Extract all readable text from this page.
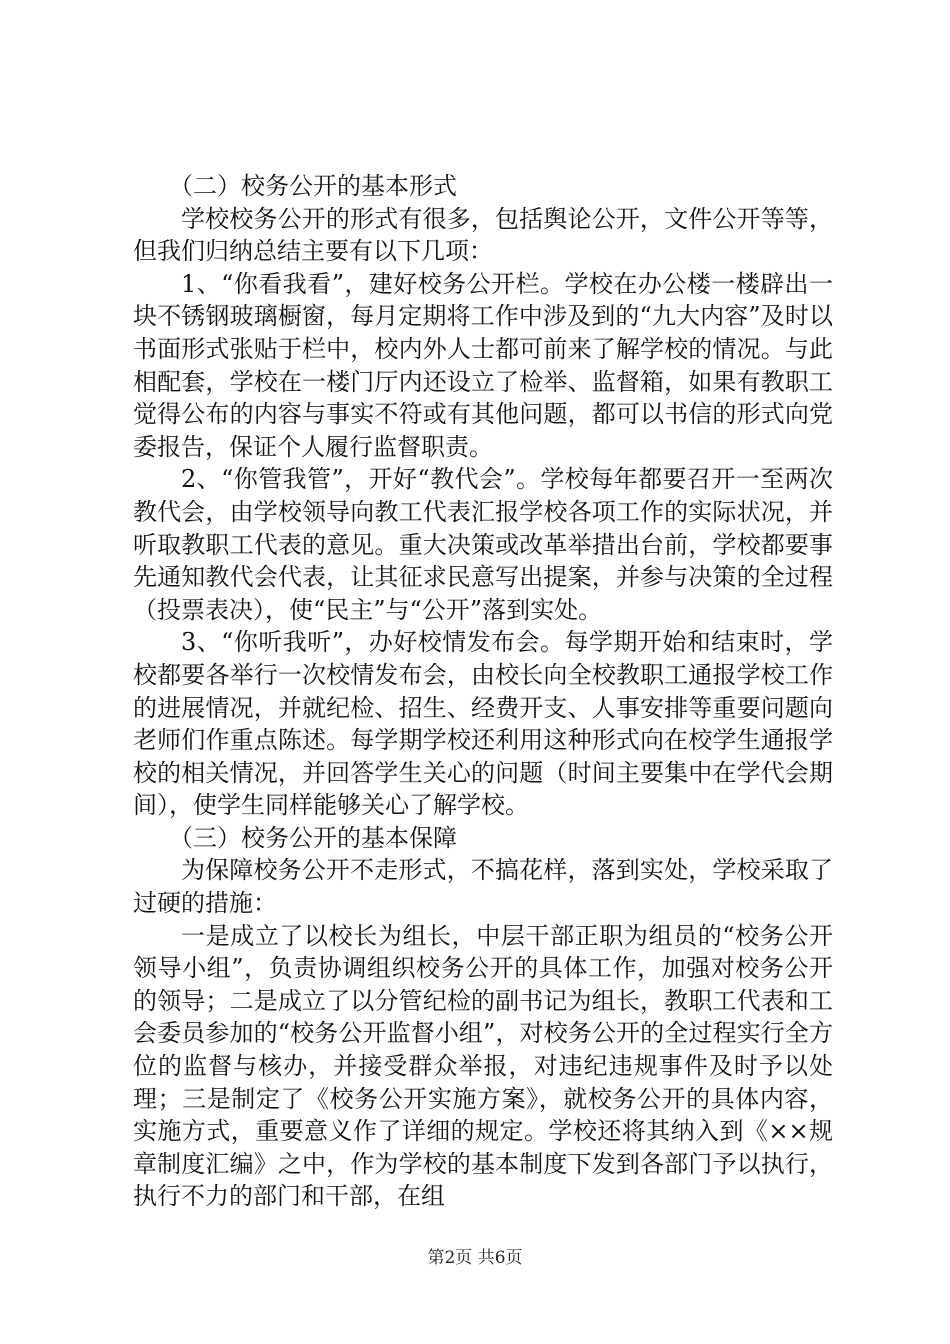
（二）校务公开的基本形式

学校校务公开的形式有很多，包括舆论公开，文件公开等等，但我们归纳总结主要有以下几项：

1、“你看我看”，建好校务公开栏。学校在办公楼一楼辟出一块不锈钢玻璃橱窗，每月定期将工作中涉及到的“九大内容”及时以书面形式张贴于栏中，校内外人士都可前来了解学校的情况。与此相配套，学校在一楼门厅内还设立了检举、监督箱，如果有教职工觉得公布的内容与事实不符或有其他问题，都可以书信的形式向党委报告，保证个人履行监督职责。

2、“你管我管”，开好“教代会”。学校每年都要召开一至两次教代会，由学校领导向教工代表汇报学校各项工作的实际状况，并听取教职工代表的意见。重大决策或改革举措出台前，学校都要事先通知教代会代表，让其征求民意写出提案，并参与决策的全过程（投票表决），使“民主”与“公开”落到实处。

3、“你听我听”，办好校情发布会。每学期开始和结束时，学校都要各举行一次校情发布会，由校长向全校教职工通报学校工作的进展情况，并就纪检、招生、经费开支、人事安排等重要问题向老师们作重点陈述。每学期学校还利用这种形式向在校学生通报学校的相关情况，并回答学生关心的问题（时间主要集中在学代会期间），使学生同样能够关心了解学校。

（三）校务公开的基本保障

为保障校务公开不走形式，不搞花样，落到实处，学校采取了过硬的措施：

一是成立了以校长为组长，中层干部正职为组员的“校务公开领导小组”，负责协调组织校务公开的具体工作，加强对校务公开的领导；二是成立了以分管纪检的副书记为组长，教职工代表和工会委员参加的“校务公开监督小组”，对校务公开的全过程实行全方位的监督与核办，并接受群众举报，对违纪违规事件及时予以处理；三是制定了《校务公开实施方案》，就校务公开的具体内容，实施方式，重要意义作了详细的规定。学校还将其纳入到《××规章制度汇编》之中，作为学校的基本制度下发到各部门予以执行，执行不力的部门和干部，在组

第2页 共6页
